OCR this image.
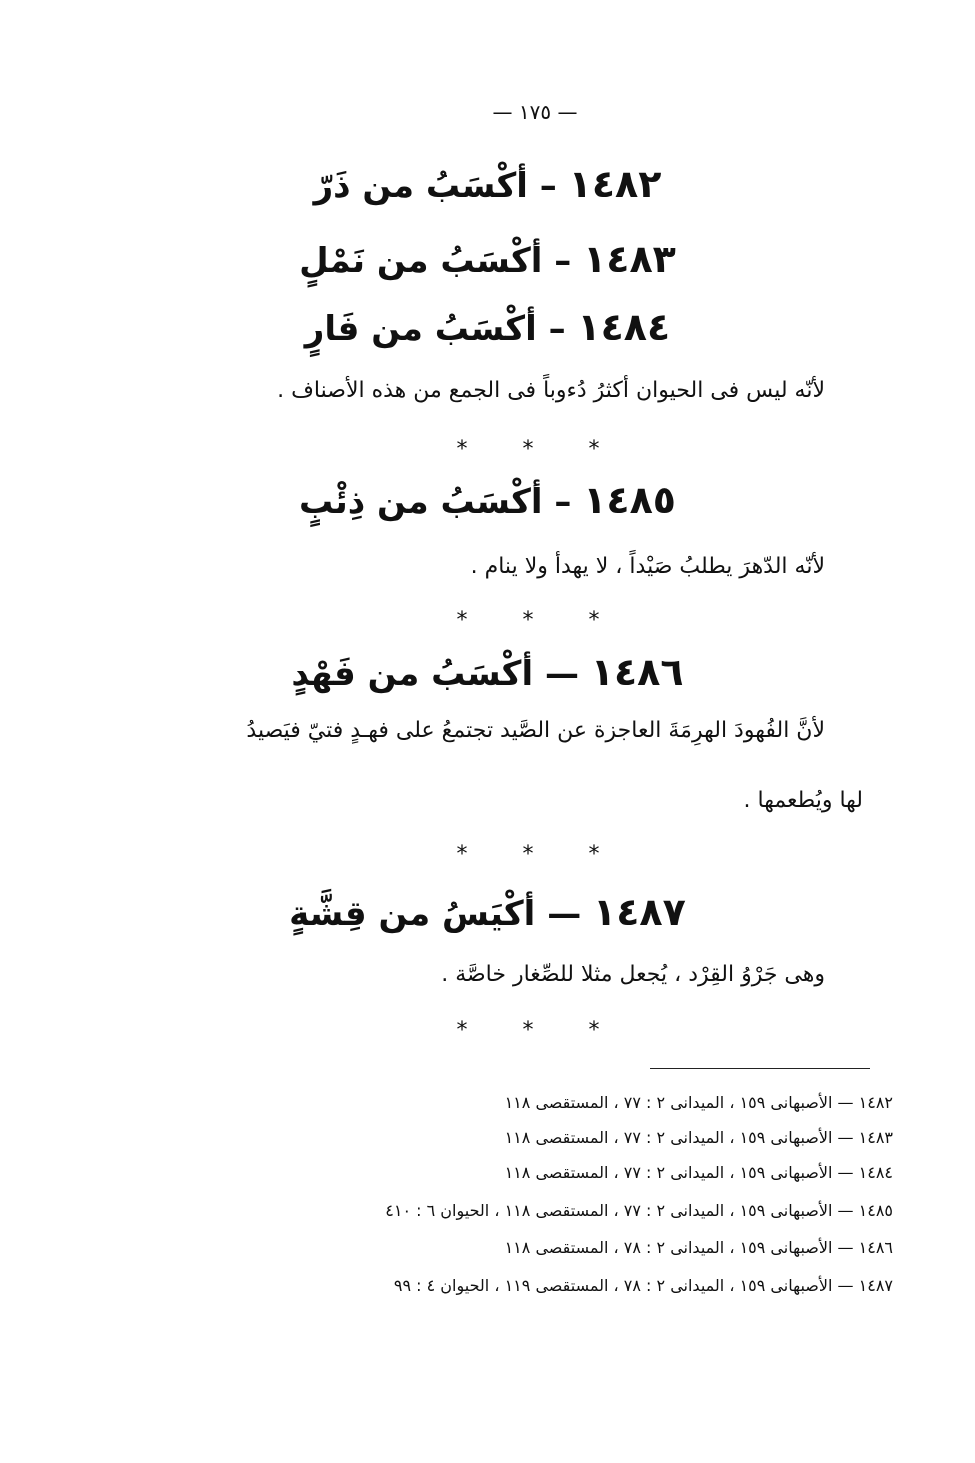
— ١٧٥ —
١٤٨٢ – أكْسَبُ من ذَرّ
١٤٨٣ – أكْسَبُ من نَمْلٍ
١٤٨٤ – أكْسَبُ من فَارٍ
لأنّه ليس فى الحيوان أكثرُ دُءوباً فى الجمع من هذه الأصناف .
* * *
١٤٨٥ – أكْسَبُ من ذِئْبٍ
لأنّه الدّهرَ يطلبُ صَيْداً ، لا يهدأ ولا ينام .
* * *
١٤٨٦ — أكْسَبُ من فَهْدٍ
لأنَّ الفُهودَ الهرِمَةَ العاجزة عن الصَّيد تجتمعُ على فهـدٍ فتيّ فيَصيدُ
لها ويُطعمها .
* * *
١٤٨٧ — أكْيَسُ من قِشَّةٍ
وهى جَرْوُ القِرْد ، يُجعل مثلا للصِّغار خاصَّة .
* * *
١٤٨٢ — الأصبهانى ١٥٩ ، الميدانى ٢ : ٧٧ ، المستقصى ١١٨
١٤٨٣ — الأصبهانى ١٥٩ ، الميدانى ٢ : ٧٧ ، المستقصى ١١٨
١٤٨٤ — الأصبهانى ١٥٩ ، الميدانى ٢ : ٧٧ ، المستقصى ١١٨
١٤٨٥ — الأصبهانى ١٥٩ ، الميدانى ٢ : ٧٧ ، المستقصى ١١٨ ، الحيوان ٦ : ٤١٠
١٤٨٦ — الأصبهانى ١٥٩ ، الميدانى ٢ : ٧٨ ، المستقصى ١١٨
١٤٨٧ — الأصبهانى ١٥٩ ، الميدانى ٢ : ٧٨ ، المستقصى ١١٩ ، الحيوان ٤ : ٩٩
